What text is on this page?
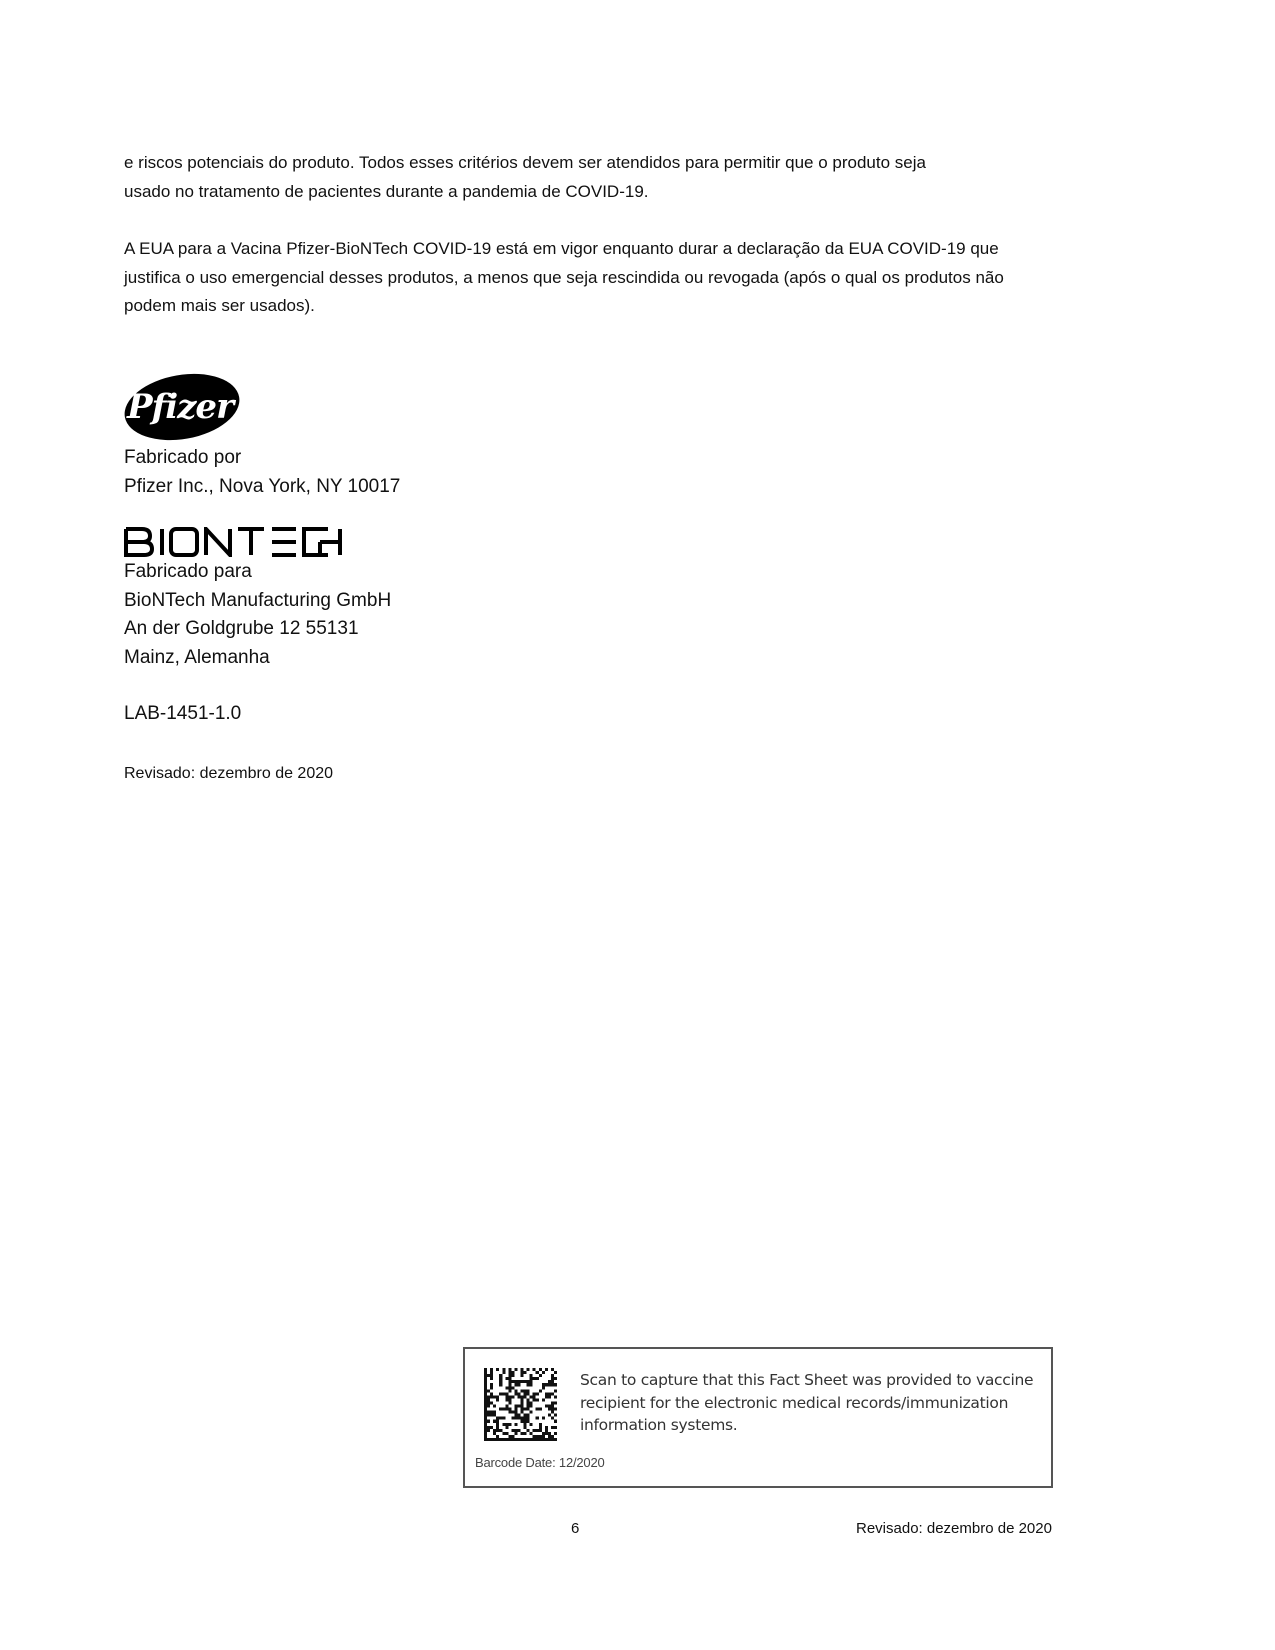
e riscos potenciais do produto. Todos esses critérios devem ser atendidos para permitir que o produto seja
usado no tratamento de pacientes durante a pandemia de COVID-19.
A EUA para a Vacina Pfizer-BioNTech COVID-19 está em vigor enquanto durar a declaração da EUA COVID-19 que
justifica o uso emergencial desses produtos, a menos que seja rescindida ou revogada (após o qual os produtos não
podem mais ser usados).
Pfizer
Fabricado por
Pfizer Inc., Nova York, NY 10017
Fabricado para
BioNTech Manufacturing GmbH
An der Goldgrube 12 55131
Mainz, Alemanha
LAB-1451-1.0
Revisado: dezembro de 2020
Scan to capture that this Fact Sheet was provided to vaccine
recipient for the electronic medical records/immunization
information systems.
Barcode Date: 12/2020
6	Revisado: dezembro de 2020
